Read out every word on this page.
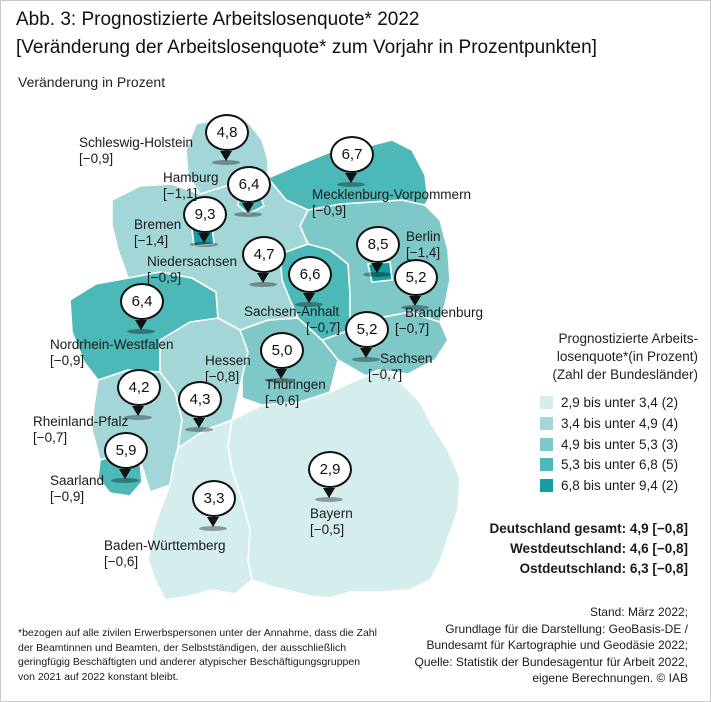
Abb. 3: Prognostizierte Arbeitslosenquote* 2022
[Veränderung der Arbeitslosenquote* zum Vorjahr in Prozentpunkten]
Veränderung in Prozent
4,8
6,4
9,3
6,7
8,5
4,7
6,6	5,2
6,4
5,0
5,2
4,2
4,3
5,9
2,9
3,3
Schleswig-Holstein
[−0,9]
Hamburg
[−1,1]
Bremen
[−1,4]
Mecklenburg-Vorpommern
[−0,9]
Berlin
[−1,4]
Niedersachsen
[−0,9]
Sachsen-Anhalt
[−0,7]
Brandenburg
[−0,7]
Nordrhein-Westfalen
[−0,9]	Hessen
[−0,8]
Thüringen
[−0,6]
Sachsen
[−0,7]
Rheinland-Pfalz
[−0,7]
Saarland
[−0,9]
Bayern
[−0,5]
Baden-Württemberg
[−0,6]
Prognostizierte Arbeits-
losenquote*(in Prozent)
(Zahl der Bundesländer)
2,9 bis unter 3,4 (2)
3,4 bis unter 4,9 (4)
4,9 bis unter 5,3 (3)
5,3 bis unter 6,8 (5)
6,8 bis unter 9,4 (2)
Deutschland gesamt: 4,9 [−0,8]
Westdeutschland: 4,6 [−0,8]
Ostdeutschland: 6,3 [−0,8]
*bezogen auf alle zivilen Erwerbspersonen unter der Annahme, dass die Zahl der Beamtinnen und Beamten, der Selbstständigen, der ausschließlich geringfügig Beschäftigten und anderer atypischer Beschäftigungsgruppen von 2021 auf 2022 konstant bleibt.
Stand: März 2022;
Grundlage für die Darstellung: GeoBasis-DE /
Bundesamt für Kartographie und Geodäsie 2022;
Quelle: Statistik der Bundesagentur für Arbeit 2022,
eigene Berechnungen. © IAB
